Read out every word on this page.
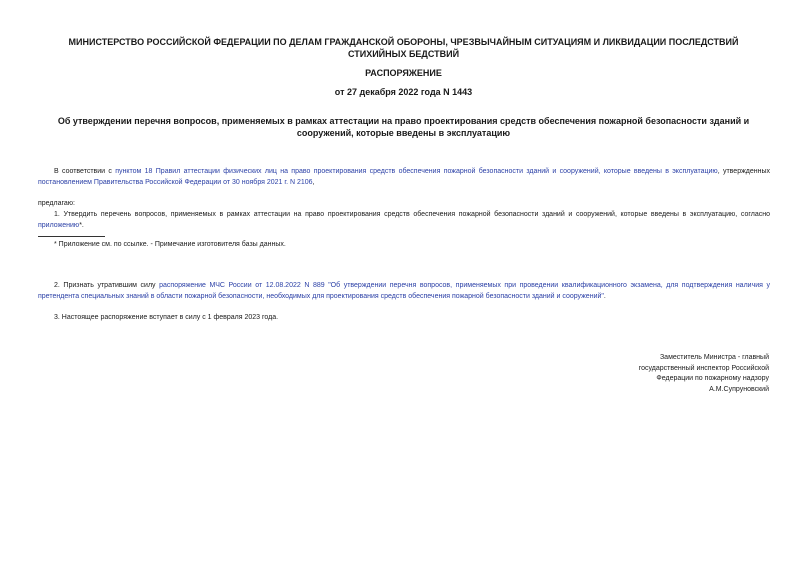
МИНИСТЕРСТВО РОССИЙСКОЙ ФЕДЕРАЦИИ ПО ДЕЛАМ ГРАЖДАНСКОЙ ОБОРОНЫ, ЧРЕЗВЫЧАЙНЫМ СИТУАЦИЯМ И ЛИКВИДАЦИИ ПОСЛЕДСТВИЙ СТИХИЙНЫХ БЕДСТВИЙ
РАСПОРЯЖЕНИЕ
от 27 декабря 2022 года N 1443
Об утверждении перечня вопросов, применяемых в рамках аттестации на право проектирования средств обеспечения пожарной безопасности зданий и сооружений, которые введены в эксплуатацию
В соответствии с пунктом 18 Правил аттестации физических лиц на право проектирования средств обеспечения пожарной безопасности зданий и сооружений, которые введены в эксплуатацию, утвержденных постановлением Правительства Российской Федерации от 30 ноября 2021 г. N 2106,
предлагаю:
1. Утвердить перечень вопросов, применяемых в рамках аттестации на право проектирования средств обеспечения пожарной безопасности зданий и сооружений, которые введены в эксплуатацию, согласно приложению*.
* Приложение см. по ссылке. - Примечание изготовителя базы данных.
2. Признать утратившим силу распоряжение МЧС России от 12.08.2022 N 889 "Об утверждении перечня вопросов, применяемых при проведении квалификационного экзамена, для подтверждения наличия у претендента специальных знаний в области пожарной безопасности, необходимых для проектирования средств обеспечения пожарной безопасности зданий и сооружений".
3. Настоящее распоряжение вступает в силу с 1 февраля 2023 года.
Заместитель Министра - главный
государственный инспектор Российской
Федерации по пожарному надзору
А.М.Супруновский
